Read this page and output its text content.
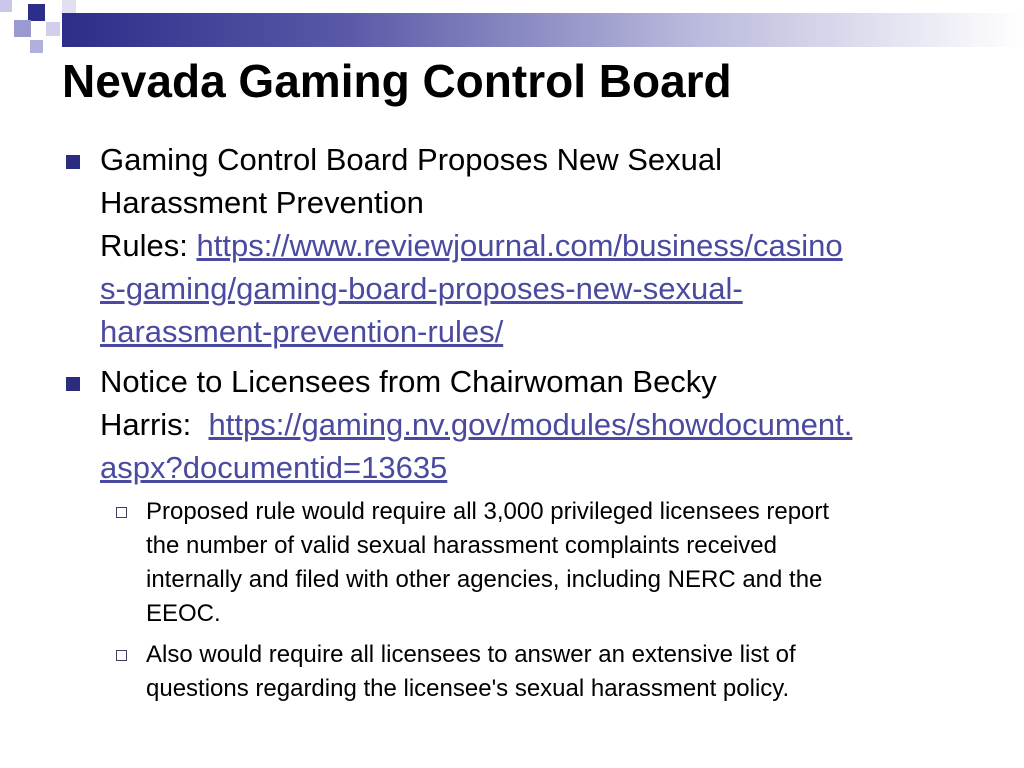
Nevada Gaming Control Board

Gaming Control Board Proposes New Sexual
Harassment Prevention
Rules: https://www.reviewjournal.com/business/casino
s-gaming/gaming-board-proposes-new-sexual-
harassment-prevention-rules/

Notice to Licensees from Chairwoman Becky
Harris:  https://gaming.nv.gov/modules/showdocument.
aspx?documentid=13635

Proposed rule would require all 3,000 privileged licensees report
the number of valid sexual harassment complaints received
internally and filed with other agencies, including NERC and the
EEOC.

Also would require all licensees to answer an extensive list of
questions regarding the licensee's sexual harassment policy.
